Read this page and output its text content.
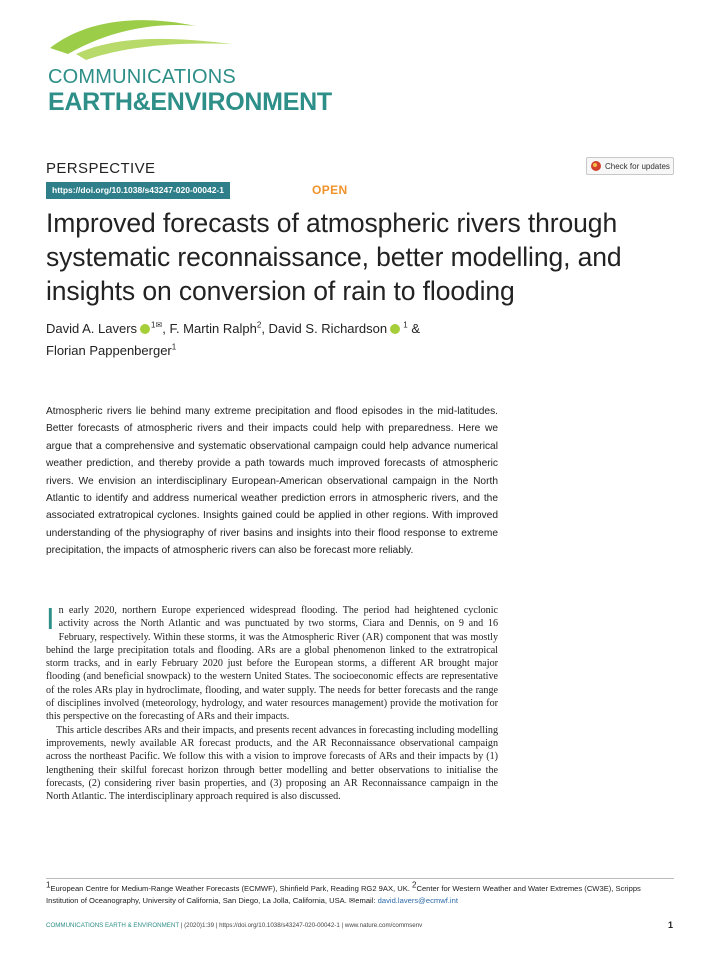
COMMUNICATIONS
EARTH&ENVIRONMENT
PERSPECTIVE	Check for updates
https://doi.org/10.1038/s43247-020-00042-1	OPEN
Improved forecasts of atmospheric rivers through systematic reconnaissance, better modelling, and insights on conversion of rain to flooding
David A. Lavers $^{1✉}$, F. Martin Ralph$^2$, David S. Richardson $^1$ &
Florian Pappenberger$^1$

Atmospheric rivers lie behind many extreme precipitation and flood episodes in the mid-latitudes. Better forecasts of atmospheric rivers and their impacts could help with preparedness. Here we argue that a comprehensive and systematic observational campaign could help advance numerical weather prediction, and thereby provide a path towards much improved forecasts of atmospheric rivers. We envision an interdisciplinary European-American observational campaign in the North Atlantic to identify and address numerical weather prediction errors in atmospheric rivers, and the associated extratropical cyclones. Insights gained could be applied in other regions. With improved understanding of the physiography of river basins and insights into their flood response to extreme precipitation, the impacts of atmospheric rivers can also be forecast more reliably.

In early 2020, northern Europe experienced widespread flooding. The period had heightened cyclonic activity across the North Atlantic and was punctuated by two storms, Ciara and Dennis, on 9 and 16 February, respectively. Within these storms, it was the Atmospheric River (AR) component that was mostly behind the large precipitation totals and flooding. ARs are a global phenomenon linked to the extratropical storm tracks, and in early February 2020 just before the European storms, a different AR brought major flooding (and beneficial snowpack) to the western United States. The socioeconomic effects are representative of the roles ARs play in hydroclimate, flooding, and water supply. The needs for better forecasts and the range of disciplines involved (meteorology, hydrology, and water resources management) provide the motivation for this perspective on the forecasting of ARs and their impacts.

This article describes ARs and their impacts, and presents recent advances in forecasting including modelling improvements, newly available AR forecast products, and the AR Reconnaissance observational campaign across the northeast Pacific. We follow this with a vision to improve forecasts of ARs and their impacts by (1) lengthening their skilful forecast horizon through better modelling and better observations to initialise the forecasts, (2) considering river basin properties, and (3) proposing an AR Reconnaissance campaign in the North Atlantic. The interdisciplinary approach required is also discussed.

1European Centre for Medium-Range Weather Forecasts (ECMWF), Shinfield Park, Reading RG2 9AX, UK. 2Center for Western Weather and Water Extremes (CW3E), Scripps Institution of Oceanography, University of California, San Diego, La Jolla, California, USA. ✉email: david.lavers@ecmwf.int

COMMUNICATIONS EARTH & ENVIRONMENT | (2020)1:39 | https://doi.org/10.1038/s43247-020-00042-1 | www.nature.com/commsenv	1
